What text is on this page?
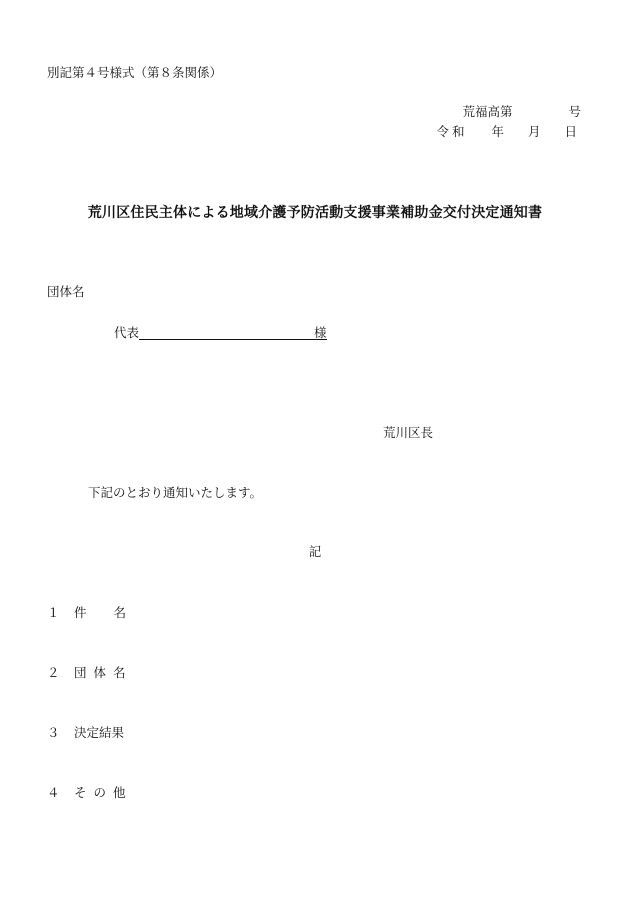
別記第４号様式（第８条関係）
荒福高第	号
令和 年 月 日
荒川区住民主体による地域介護予防活動支援事業補助金交付決定通知書
団体名
代表	様
荒川区長
下記のとおり通知いたします。
記
１ 件名
２ 団体名
３ 決定結果
４ その他
